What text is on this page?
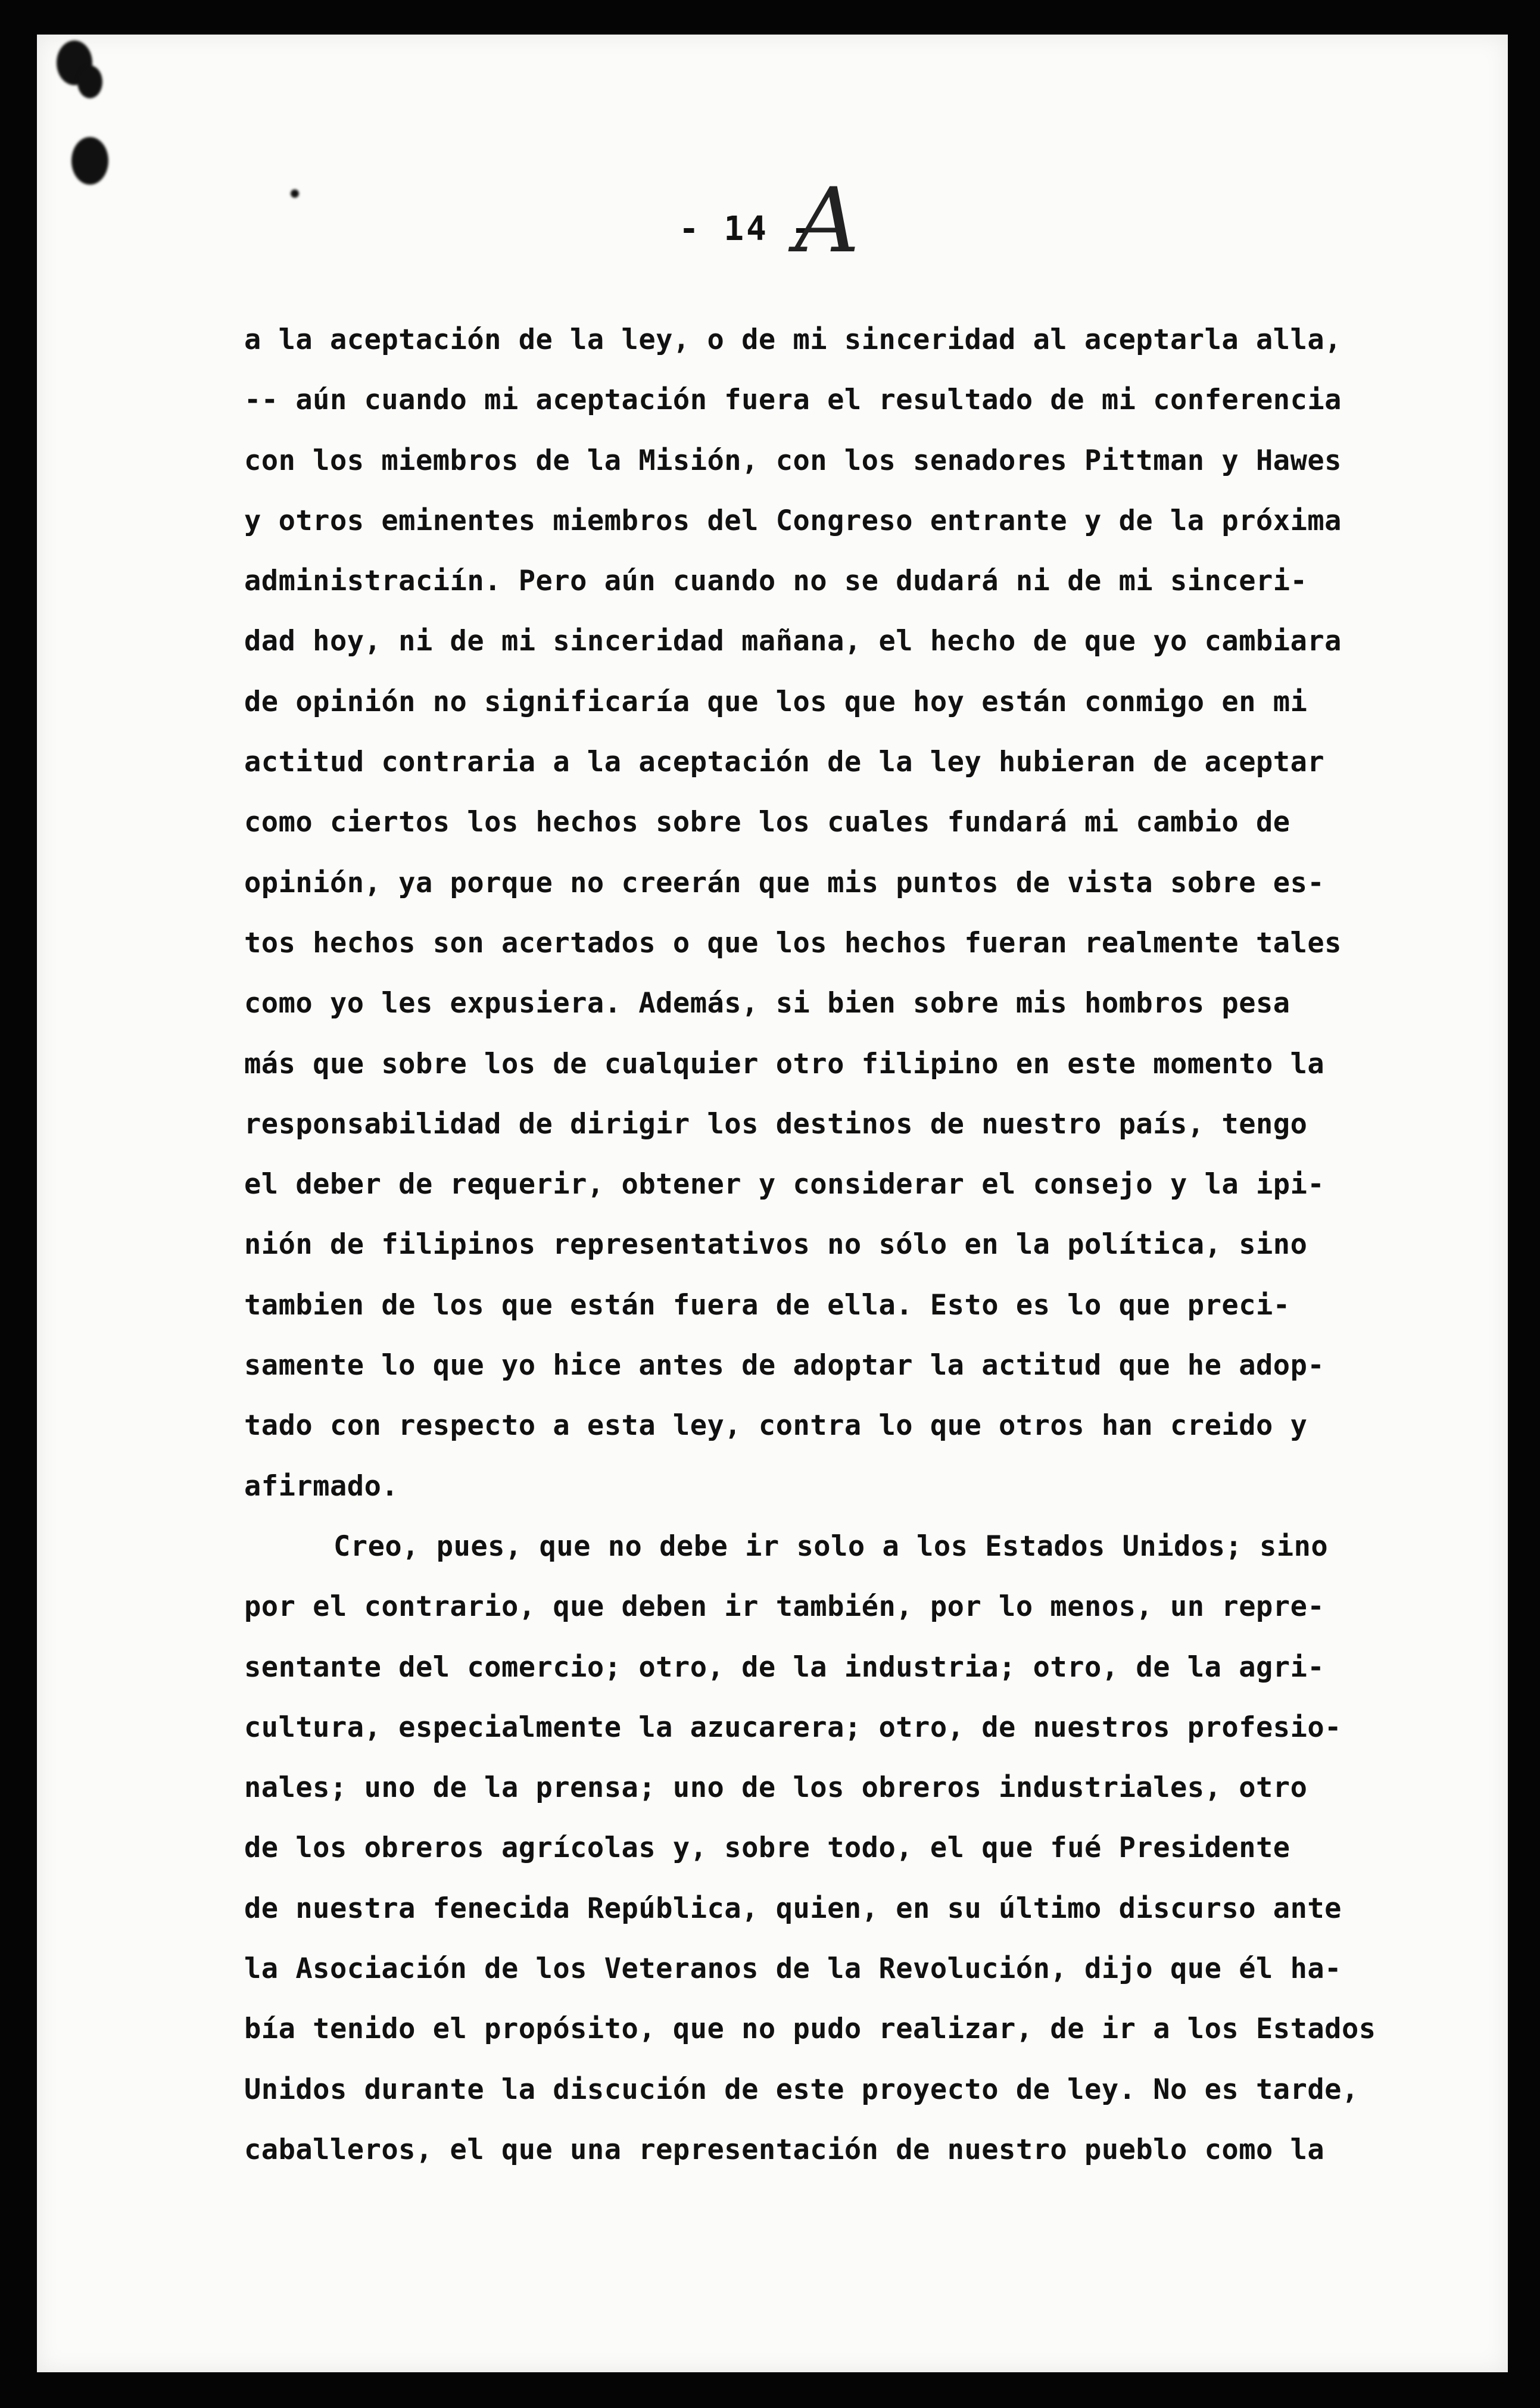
- 14 -
A
a la aceptación de la ley, o de mi sinceridad al aceptarla alla,
-- aún cuando mi aceptación fuera el resultado de mi conferencia
con los miembros de la Misión, con los senadores Pittman y Hawes
y otros eminentes miembros del Congreso entrante y de la próxima
administraciín. Pero aún cuando no se dudará ni de mi sinceri-
dad hoy, ni de mi sinceridad mañana, el hecho de que yo cambiara
de opinión no significaría que los que hoy están conmigo en mi
actitud contraria a la aceptación de la ley hubieran de aceptar
como ciertos los hechos sobre los cuales fundará mi cambio de
opinión, ya porque no creerán que mis puntos de vista sobre es-
tos hechos son acertados o que los hechos fueran realmente tales
como yo les expusiera. Además, si bien sobre mis hombros pesa
más que sobre los de cualquier otro filipino en este momento la
responsabilidad de dirigir los destinos de nuestro país, tengo
el deber de requerir, obtener y considerar el consejo y la ipi-
nión de filipinos representativos no sólo en la política, sino
tambien de los que están fuera de ella. Esto es lo que preci-
samente lo que yo hice antes de adoptar la actitud que he adop-
tado con respecto a esta ley, contra lo que otros han creido y
afirmado.
Creo, pues, que no debe ir solo a los Estados Unidos; sino
por el contrario, que deben ir también, por lo menos, un repre-
sentante del comercio; otro, de la industria; otro, de la agri-
cultura, especialmente la azucarera; otro, de nuestros profesio-
nales; uno de la prensa; uno de los obreros industriales, otro
de los obreros agrícolas y, sobre todo, el que fué Presidente
de nuestra fenecida República, quien, en su último discurso ante
la Asociación de los Veteranos de la Revolución, dijo que él ha-
bía tenido el propósito, que no pudo realizar, de ir a los Estados
Unidos durante la discución de este proyecto de ley. No es tarde,
caballeros, el que una representación de nuestro pueblo como la
